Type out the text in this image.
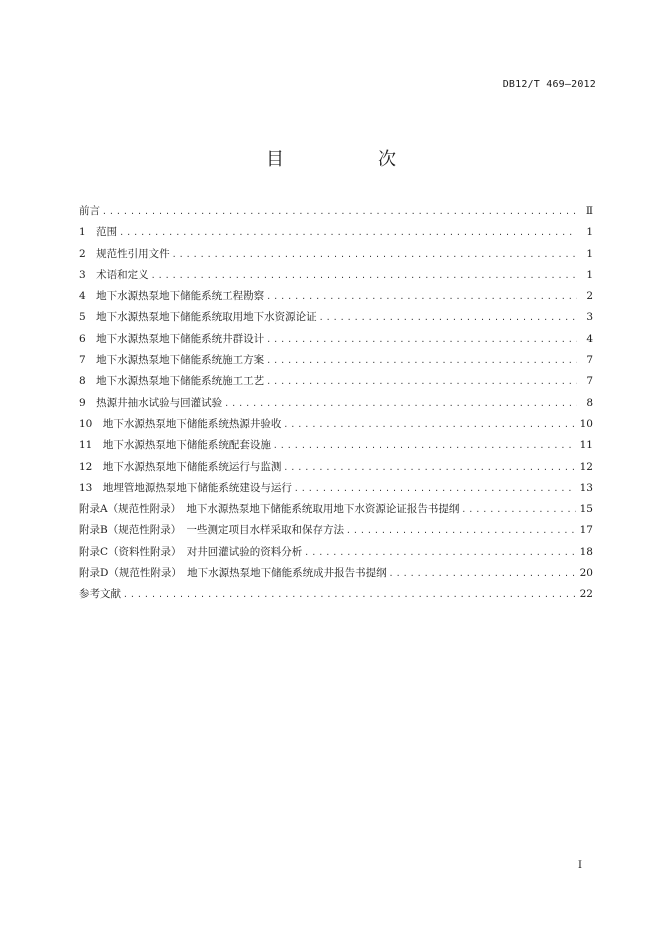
DB12/T 469—2012
目　次
前言 .....	Ⅱ
1　范围 .....	1
2　规范性引用文件 .....	1
3　术语和定义 .....	1
4　地下水源热泵地下储能系统工程勘察 .....	2
5　地下水源热泵地下储能系统取用地下水资源论证 .....	3
6　地下水源热泵地下储能系统井群设计 .....	4
7　地下水源热泵地下储能系统施工方案 .....	7
8　地下水源热泵地下储能系统施工工艺 .....	7
9　热源井抽水试验与回灌试验 .....	8
10　地下水源热泵地下储能系统热源井验收 .....	10
11　地下水源热泵地下储能系统配套设施 .....	11
12　地下水源热泵地下储能系统运行与监测 .....	12
13　地埋管地源热泵地下储能系统建设与运行 .....	13
附录A（规范性附录）　地下水源热泵地下储能系统取用地下水资源论证报告书提纲 .....	15
附录B（规范性附录）　一些测定项目水样采取和保存方法 .....	17
附录C（资料性附录）　对井回灌试验的资料分析 .....	18
附录D（规范性附录）　地下水源热泵地下储能系统成井报告书提纲 .....	20
参考文献 .....	22
I
